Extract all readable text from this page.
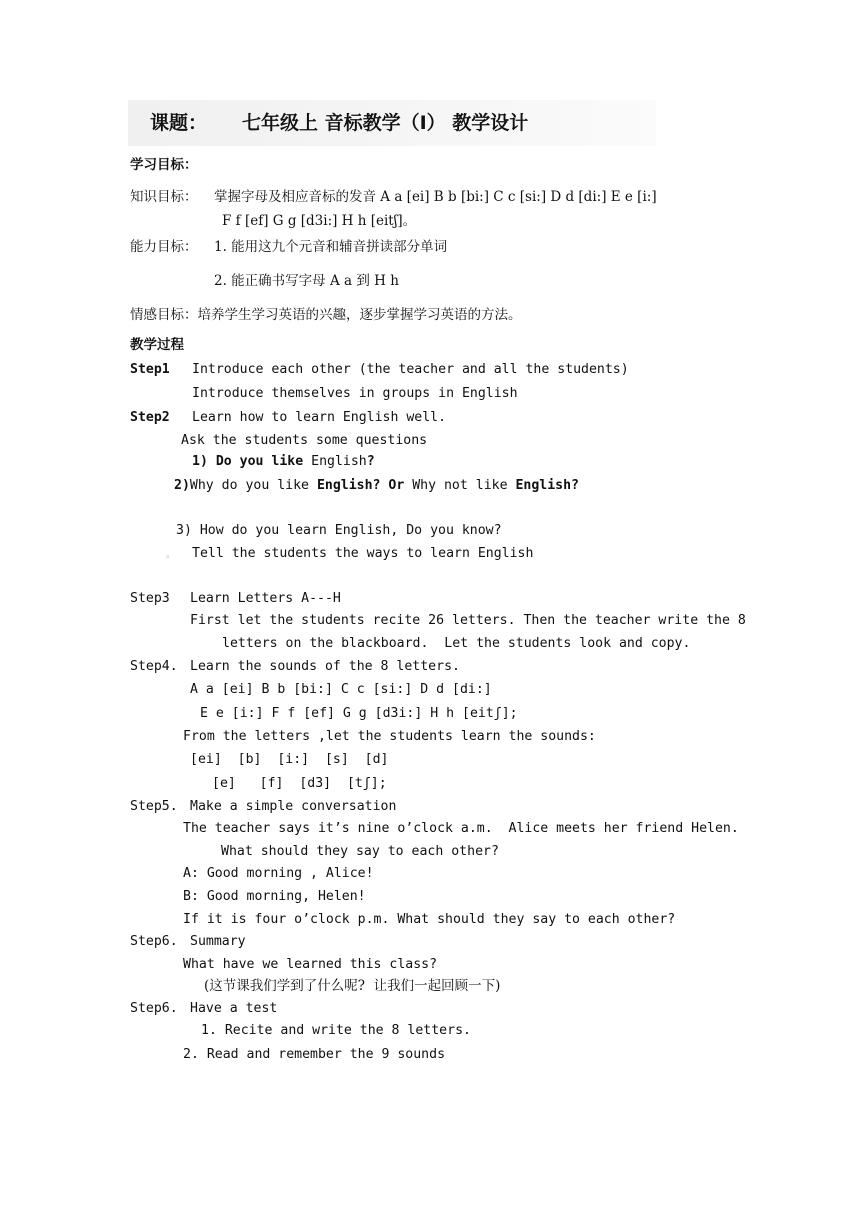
课题： 七年级上 音标教学（I） 教学设计
学习目标：
知识目标： 掌握字母及相应音标的发音 A a [ei] B b [bi:] C c [si:] D d [di:] E e [i:]
F f [ef] G g [d3i:] H h [eitʃ]。
能力目标： 1. 能用这九个元音和辅音拼读部分单词
2. 能正确书写字母 A a 到 H h
情感目标：培养学生学习英语的兴趣，逐步掌握学习英语的方法。
教学过程
Step1 Introduce each other (the teacher and all the students)
Introduce themselves in groups in English
Step2 Learn how to learn English well.
Ask the students some questions
1) Do you like English?
2)Why do you like English? Or Why not like English?
3) How do you learn English, Do you know?
。 Tell the students the ways to learn English
Step3 Learn Letters A---H
First let the students recite 26 letters. Then the teacher write the 8
letters on the blackboard.  Let the students look and copy.
Step4. Learn the sounds of the 8 letters.
A a [ei] B b [bi:] C c [si:] D d [di:]
E e [i:] F f [ef] G g [d3i:] H h [eitʃ];
From the letters ,let the students learn the sounds:
[ei]  [b]  [i:]  [s]  [d]
[e]   [f]  [d3]  [tʃ];
Step5. Make a simple conversation
The teacher says it’s nine o’clock a.m.  Alice meets her friend Helen.
What should they say to each other?
A: Good morning , Alice!
B: Good morning, Helen!
If it is four o’clock p.m. What should they say to each other?
Step6. Summary
What have we learned this class?
(这节课我们学到了什么呢?  让我们一起回顾一下)
Step6. Have a test
1. Recite and write the 8 letters.
2. Read and remember the 9 sounds
